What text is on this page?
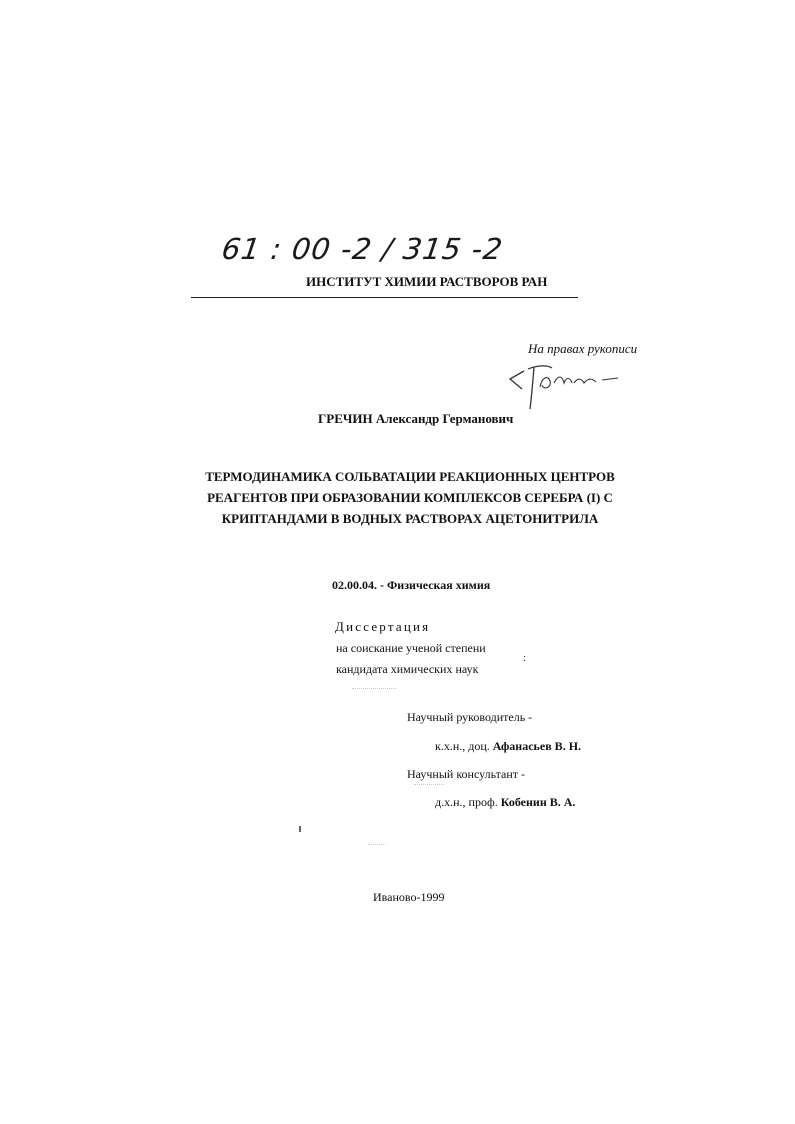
61 : 00 -2 / 315 -2
ИНСТИТУТ ХИМИИ РАСТВОРОВ РАН
На правах рукописи
ГРЕЧИН Александр Германович
ТЕРМОДИНАМИКА СОЛЬВАТАЦИИ РЕАКЦИОННЫХ ЦЕНТРОВ
РЕАГЕНТОВ ПРИ ОБРАЗОВАНИИ КОМПЛЕКСОВ СЕРЕБРА (I) С
КРИПТАНДАМИ В ВОДНЫХ РАСТВОРАХ АЦЕТОНИТРИЛА
02.00.04. - Физическая химия
Диссертация
на соискание ученой степени
кандидата химических наук
:
Научный руководитель -
к.х.н., доц. Афанасьев В. Н.
Научный консультант -
д.х.н., проф. Кобенин В. А.
Иваново-1999
